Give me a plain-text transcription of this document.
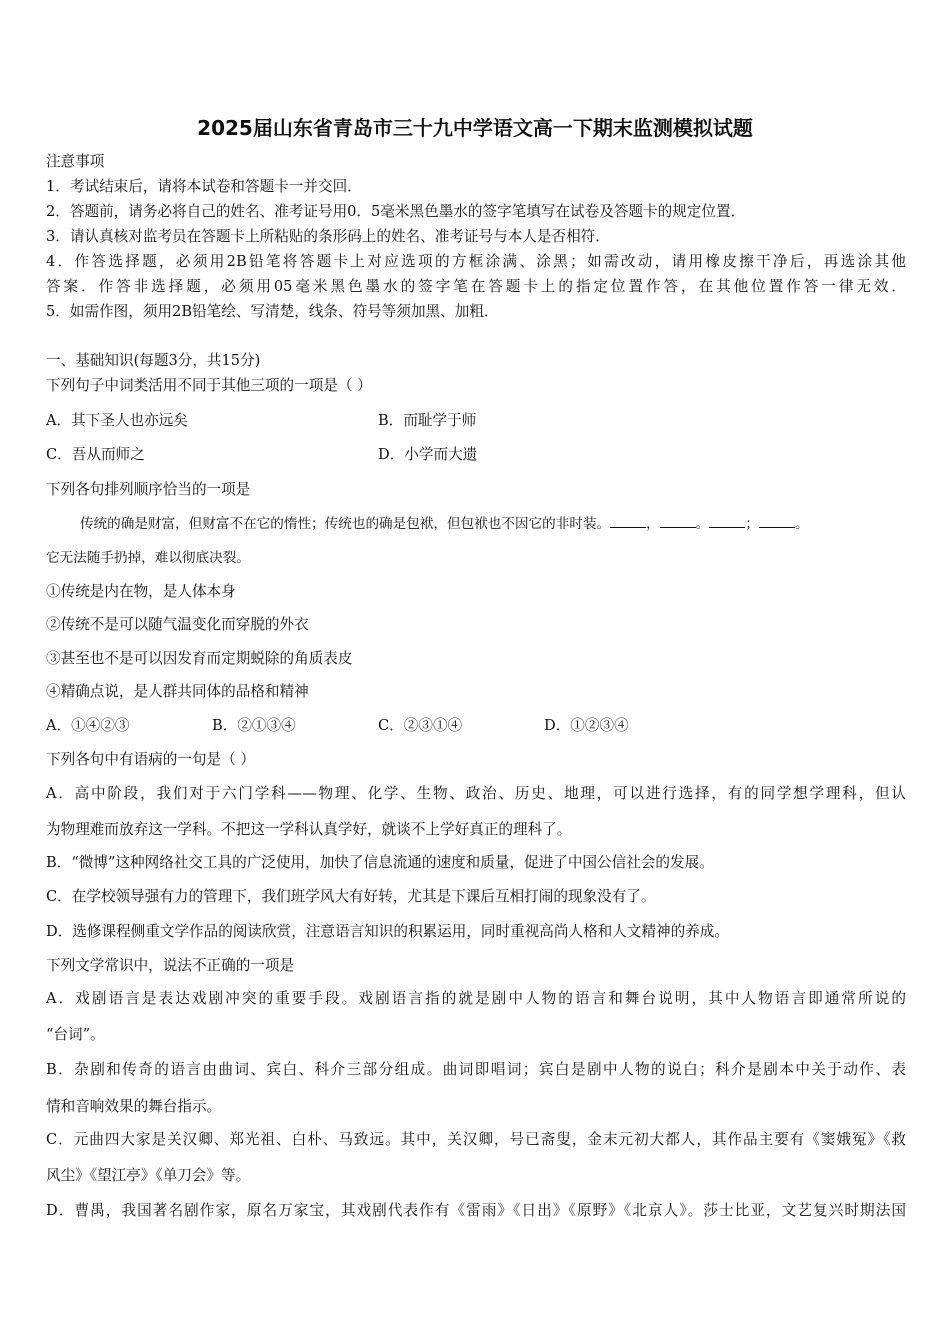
2025届山东省青岛市三十九中学语文高一下期末监测模拟试题
注意事项
1．考试结束后，请将本试卷和答题卡一并交回．
2．答题前，请务必将自己的姓名、准考证号用0．5毫米黑色墨水的签字笔填写在试卷及答题卡的规定位置．
3．请认真核对监考员在答题卡上所粘贴的条形码上的姓名、准考证号与本人是否相符．
4．作答选择题，必须用2B铅笔将答题卡上对应选项的方框涂满、涂黑；如需改动，请用橡皮擦干净后，再选涂其他
答案．作答非选择题，必须用05毫米黑色墨水的签字笔在答题卡上的指定位置作答，在其他位置作答一律无效．
5．如需作图，须用2B铅笔绘、写清楚，线条、符号等须加黑、加粗．
一、基础知识(每题3分，共15分)
下列句子中词类活用不同于其他三项的一项是（ ）
A．其下圣人也亦远矣	B．而耻学于师
C．吾从而师之	D．小学而大遗
下列各句排列顺序恰当的一项是
传统的确是财富，但财富不在它的惰性；传统也的确是包袱，但包袱也不因它的非时装。	，	。	；	。
它无法随手扔掉，难以彻底决裂。
①传统是内在物，是人体本身
②传统不是可以随气温变化而穿脱的外衣
③甚至也不是可以因发育而定期蜕除的角质表皮
④精确点说，是人群共同体的品格和精神
A．①④②③	B．②①③④	C．②③①④	D．①②③④
下列各句中有语病的一句是（ ）
A．高中阶段，我们对于六门学科——物理、化学、生物、政治、历史、地理，可以进行选择，有的同学想学理科，但认
为物理难而放弃这一学科。不把这一学科认真学好，就谈不上学好真正的理科了。
B．“微博”这种网络社交工具的广泛使用，加快了信息流通的速度和质量，促进了中国公信社会的发展。
C．在学校领导强有力的管理下，我们班学风大有好转，尤其是下课后互相打闹的现象没有了。
D．选修课程侧重文学作品的阅读欣赏，注意语言知识的积累运用，同时重视高尚人格和人文精神的养成。
下列文学常识中，说法不正确的一项是
A．戏剧语言是表达戏剧冲突的重要手段。戏剧语言指的就是剧中人物的语言和舞台说明，其中人物语言即通常所说的
“台词”。
B．杂剧和传奇的语言由曲词、宾白、科介三部分组成。曲词即唱词；宾白是剧中人物的说白；科介是剧本中关于动作、表
情和音响效果的舞台指示。
C．元曲四大家是关汉卿、郑光祖、白朴、马致远。其中，关汉卿，号已斋叟，金末元初大都人，其作品主要有《窦娥冤》《救
风尘》《望江亭》《单刀会》等。
D．曹禺，我国著名剧作家，原名万家宝，其戏剧代表作有《雷雨》《日出》《原野》《北京人》。莎士比亚，文艺复兴时期法国
